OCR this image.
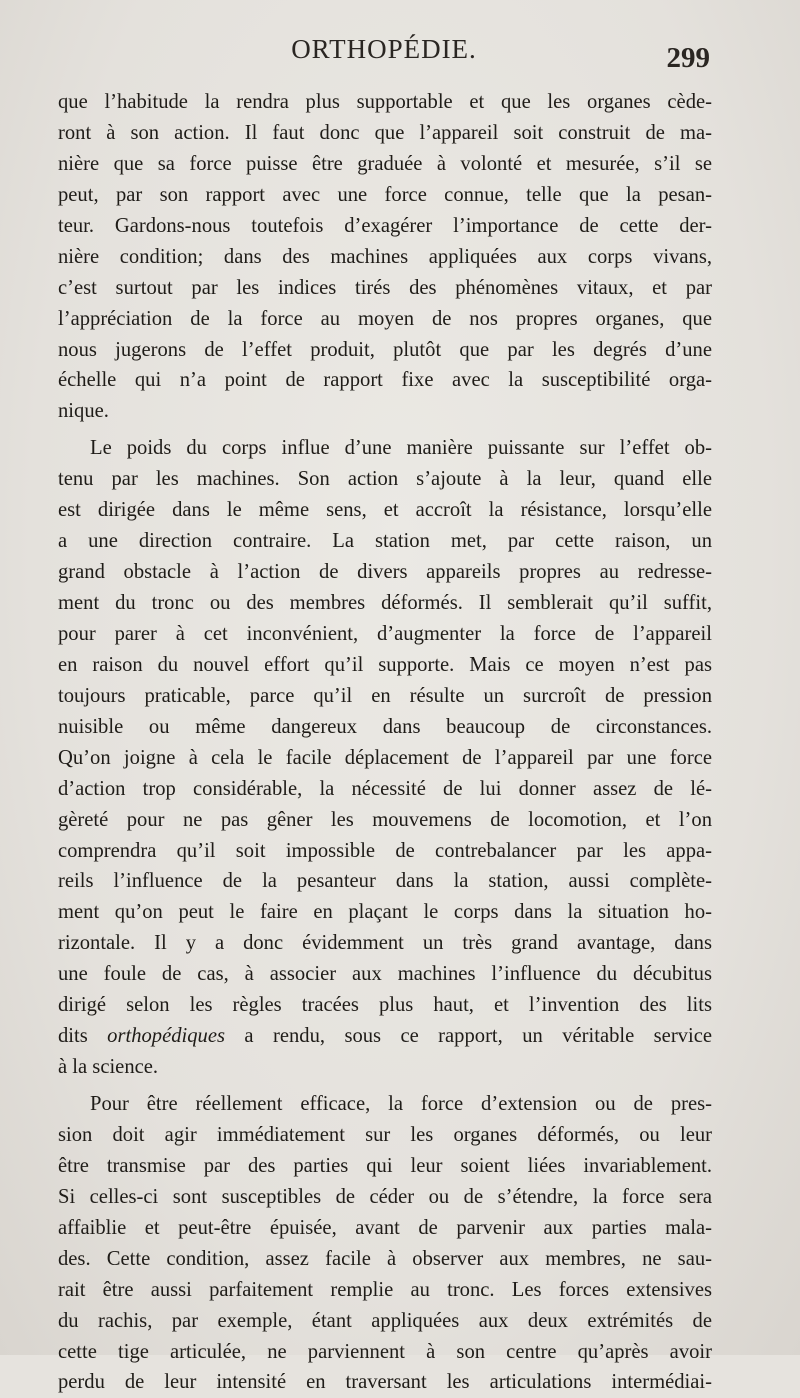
ORTHOPÉDIE.	299
que l’habitude la rendra plus supportable et que les organes cède-
ront à son action. Il faut donc que l’appareil soit construit de ma-
nière que sa force puisse être graduée à volonté et mesurée, s’il se
peut, par son rapport avec une force connue, telle que la pesan-
teur. Gardons-nous toutefois d’exagérer l’importance de cette der-
nière condition; dans des machines appliquées aux corps vivans,
c’est surtout par les indices tirés des phénomènes vitaux, et par
l’appréciation de la force au moyen de nos propres organes, que
nous jugerons de l’effet produit, plutôt que par les degrés d’une
échelle qui n’a point de rapport fixe avec la susceptibilité orga-
nique.
Le poids du corps influe d’une manière puissante sur l’effet ob-
tenu par les machines. Son action s’ajoute à la leur, quand elle
est dirigée dans le même sens, et accroît la résistance, lorsqu’elle
a une direction contraire. La station met, par cette raison, un
grand obstacle à l’action de divers appareils propres au redresse-
ment du tronc ou des membres déformés. Il semblerait qu’il suffit,
pour parer à cet inconvénient, d’augmenter la force de l’appareil
en raison du nouvel effort qu’il supporte. Mais ce moyen n’est pas
toujours praticable, parce qu’il en résulte un surcroît de pression
nuisible ou même dangereux dans beaucoup de circonstances.
Qu’on joigne à cela le facile déplacement de l’appareil par une force
d’action trop considérable, la nécessité de lui donner assez de lé-
gèreté pour ne pas gêner les mouvemens de locomotion, et l’on
comprendra qu’il soit impossible de contrebalancer par les appa-
reils l’influence de la pesanteur dans la station, aussi complète-
ment qu’on peut le faire en plaçant le corps dans la situation ho-
rizontale. Il y a donc évidemment un très grand avantage, dans
une foule de cas, à associer aux machines l’influence du décubitus
dirigé selon les règles tracées plus haut, et l’invention des lits
dits orthopédiques a rendu, sous ce rapport, un véritable service
à la science.
Pour être réellement efficace, la force d’extension ou de pres-
sion doit agir immédiatement sur les organes déformés, ou leur
être transmise par des parties qui leur soient liées invariablement.
Si celles-ci sont susceptibles de céder ou de s’étendre, la force sera
affaiblie et peut-être épuisée, avant de parvenir aux parties mala-
des. Cette condition, assez facile à observer aux membres, ne sau-
rait être aussi parfaitement remplie au tronc. Les forces extensives
du rachis, par exemple, étant appliquées aux deux extrémités de
cette tige articulée, ne parviennent à son centre qu’après avoir
perdu de leur intensité en traversant les articulations intermédiai-
